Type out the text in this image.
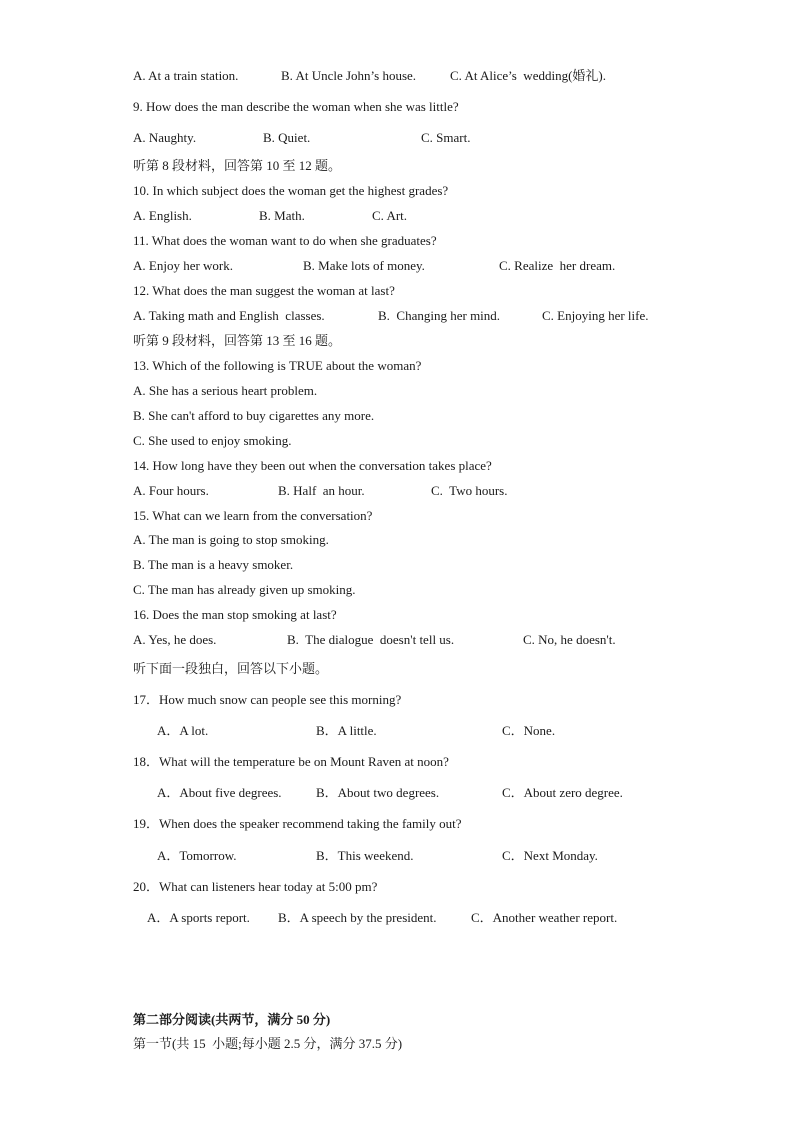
A. At a train station.	B. At Uncle John’s house.	C. At Alice’s  wedding(婚礼).
9. How does the man describe the woman when she was little?
A. Naughty.	B. Quiet.	C. Smart.
听第 8 段材料，回答第 10 至 12 题。
10. In which subject does the woman get the highest grades?
A. English.	B. Math.	C. Art.
11. What does the woman want to do when she graduates?
A. Enjoy her work.	B. Make lots of money.	C. Realize  her dream.
12. What does the man suggest the woman at last?
A. Taking math and English  classes.	B.  Changing her mind.	C. Enjoying her life.
听第 9 段材料，回答第 13 至 16 题。
13. Which of the following is TRUE about the woman?
A. She has a serious heart problem.
B. She can't afford to buy cigarettes any more.
C. She used to enjoy smoking.
14. How long have they been out when the conversation takes place?
A. Four hours.	B. Half  an hour.	C.  Two hours.
15. What can we learn from the conversation?
A. The man is going to stop smoking.
B. The man is a heavy smoker.
C. The man has already given up smoking.
16. Does the man stop smoking at last?
A. Yes, he does.	B.  The dialogue  doesn't tell us.	C. No, he doesn't.
听下面一段独白，回答以下小题。
17．How much snow can people see this morning?
A．A lot.	B．A little.	C．None.
18．What will the temperature be on Mount Raven at noon?
A．About five degrees.	B．About two degrees.	C．About zero degree.
19．When does the speaker recommend taking the family out?
A．Tomorrow.	B．This weekend.	C．Next Monday.
20．What can listeners hear today at 5:00 pm?
A．A sports report. B．A speech by the president.	C．Another weather report.
第二部分阅读(共两节，满分 50 分)
第一节(共 15  小题;每小题 2.5 分，满分 37.5 分)
